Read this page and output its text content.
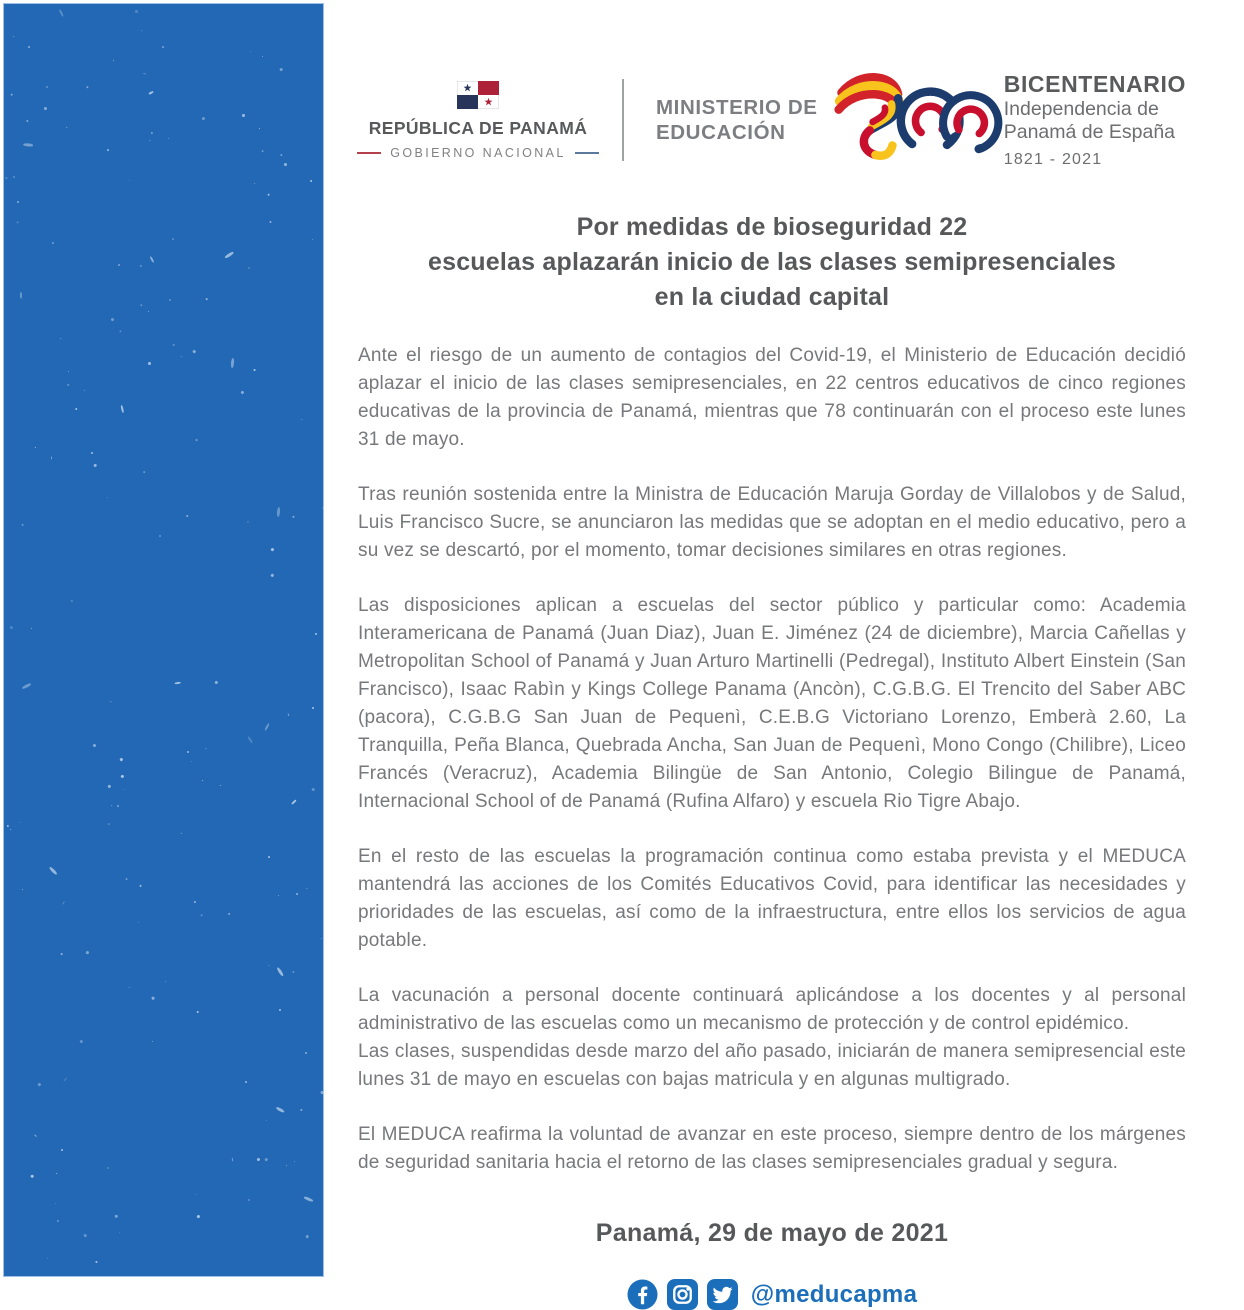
REPÚBLICA DE PANAMÁ
GOBIERNO NACIONAL
MINISTERIO DE
EDUCACIÓN
BICENTENARIO
Independencia de
Panamá de España
1821 - 2021
Por medidas de bioseguridad 22
escuelas aplazarán inicio de las clases semipresenciales
en la ciudad capital

Ante el riesgo de un aumento de contagios del Covid-19, el Ministerio de Educación decidió aplazar el inicio de las clases semipresenciales, en 22 centros educativos de cinco regiones educativas de la provincia de Panamá, mientras que 78 continuarán con el proceso este lunes 31 de mayo.

Tras reunión sostenida entre la Ministra de Educación Maruja Gorday de Villalobos y de Salud, Luis Francisco Sucre, se anunciaron las medidas que se adoptan en el medio educativo, pero a su vez se descartó, por el momento, tomar decisiones similares en otras regiones.

Las disposiciones aplican a escuelas del sector público y particular como: Academia Interamericana de Panamá (Juan Diaz), Juan E. Jiménez (24 de diciembre), Marcia Cañellas y Metropolitan School of Panamá y Juan Arturo Martinelli (Pedregal), Instituto Albert Einstein (San Francisco), Isaac Rabìn y Kings College Panama (Ancòn), C.G.B.G. El Trencito del Saber ABC (pacora), C.G.B.G San Juan de Pequenì, C.E.B.G Victoriano Lorenzo, Emberà 2.60, La Tranquilla, Peña Blanca, Quebrada Ancha, San Juan de Pequenì, Mono Congo (Chilibre), Liceo Francés (Veracruz), Academia Bilingüe de San Antonio, Colegio Bilingue de Panamá, Internacional School of de Panamá (Rufina Alfaro) y escuela Rio Tigre Abajo.

En el resto de las escuelas la programación continua como estaba prevista y el MEDUCA mantendrá las acciones de los Comités Educativos Covid, para identificar las necesidades y prioridades de las escuelas, así como de la infraestructura, entre ellos los servicios de agua potable.

La vacunación a personal docente continuará aplicándose a los docentes y al personal administrativo de las escuelas como un mecanismo de protección y de control epidémico.

Las clases, suspendidas desde marzo del año pasado, iniciarán de manera semipresencial este lunes 31 de mayo en escuelas con bajas matricula y en algunas multigrado.

El MEDUCA reafirma la voluntad de avanzar en este proceso, siempre dentro de los márgenes de seguridad sanitaria hacia el retorno de las clases semipresenciales gradual y segura.

Panamá, 29 de mayo de 2021
@meducapma
